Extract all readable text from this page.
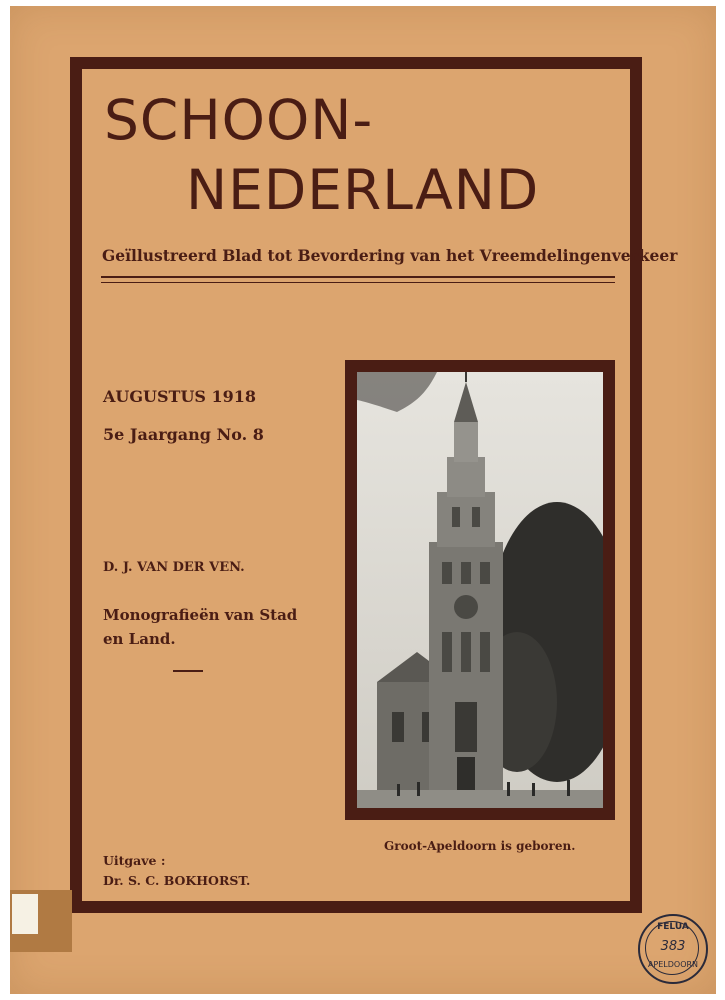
SCHOON-
NEDERLAND
Geïllustreerd Blad tot Bevordering van het Vreemdelingenverkeer
AUGUSTUS 1918
5e Jaargang No. 8
D. J. VAN DER VEN.
Monografieën van Stad en Land.
Groot-Apeldoorn is geboren.
Uitgave :
Dr. S. C. BOKHORST.
FELUA
383
APELDOORN
